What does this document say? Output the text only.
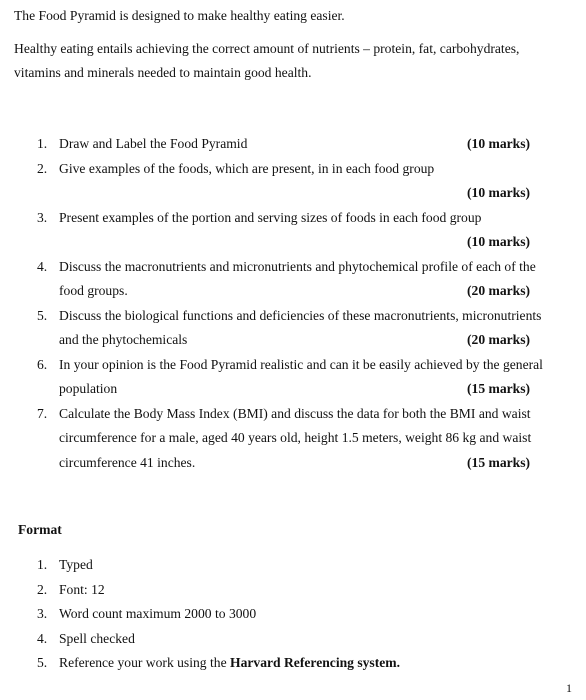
The Food Pyramid is designed to make healthy eating easier.
Healthy eating entails achieving the correct amount of nutrients – protein, fat, carbohydrates,
vitamins and minerals needed to maintain good health.
1. Draw and Label the Food Pyramid	(10 marks)
2. Give examples of the foods, which are present, in in each food group
(10 marks)
3. Present examples of the portion and serving sizes of foods in each food group
(10 marks)
4. Discuss the macronutrients and micronutrients and phytochemical profile of each of the
food groups.	(20 marks)
5. Discuss the biological functions and deficiencies of these macronutrients, micronutrients
and the phytochemicals	(20 marks)
6. In your opinion is the Food Pyramid realistic and can it be easily achieved by the general
population	(15 marks)
7. Calculate the Body Mass Index (BMI) and discuss the data for both the BMI and waist
circumference for a male, aged 40 years old, height 1.5 meters, weight 86 kg and waist
circumference 41 inches.	(15 marks)
Format
1. Typed
2. Font: 12
3. Word count maximum 2000 to 3000
4. Spell checked
5. Reference your work using the Harvard Referencing system.
1
